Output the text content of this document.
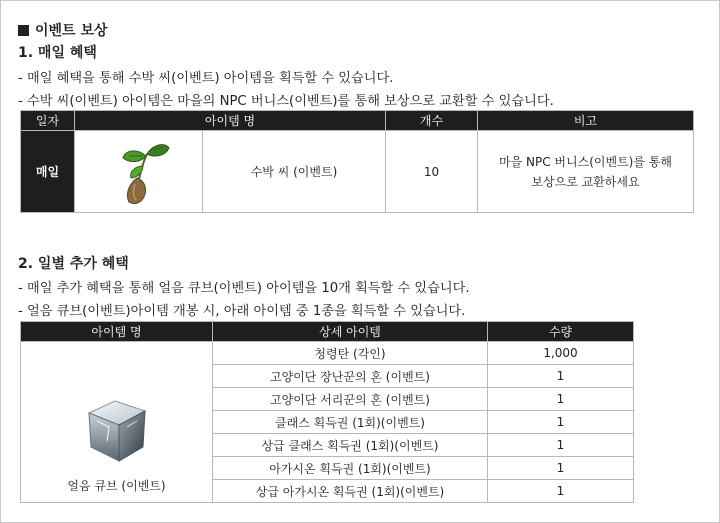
이벤트 보상
1. 매일 혜택
- 매일 혜택을 통해 수박 씨(이벤트) 아이템을 획득할 수 있습니다.
- 수박 씨(이벤트) 아이템은 마을의 NPC 버니스(이벤트)를 통해 보상으로 교환할 수 있습니다.
일자	아이템 명		개수	비고
매일		수박 씨 (이벤트)	10	마을 NPC 버니스(이벤트)를 통해
보상으로 교환하세요
2. 일별 추가 혜택
- 매일 추가 혜택을 통해 얼음 큐브(이벤트) 아이템을 10개 획득할 수 있습니다.
- 얼음 큐브(이벤트)아이템 개봉 시, 아래 아이템 중 1종을 획득할 수 있습니다.
아이템 명	상세 아이템	수량

얼음 큐브 (이벤트)	청령탄 (각인)	1,000
	고양이단 장난꾼의 혼 (이벤트)	1
	고양이단 서리꾼의 혼 (이벤트)	1
	클래스 획득권 (1회)(이벤트)	1
	상급 클래스 획득권 (1회)(이벤트)	1
	아가시온 획득권 (1회)(이벤트)	1
	상급 아가시온 획득권 (1회)(이벤트)	1
